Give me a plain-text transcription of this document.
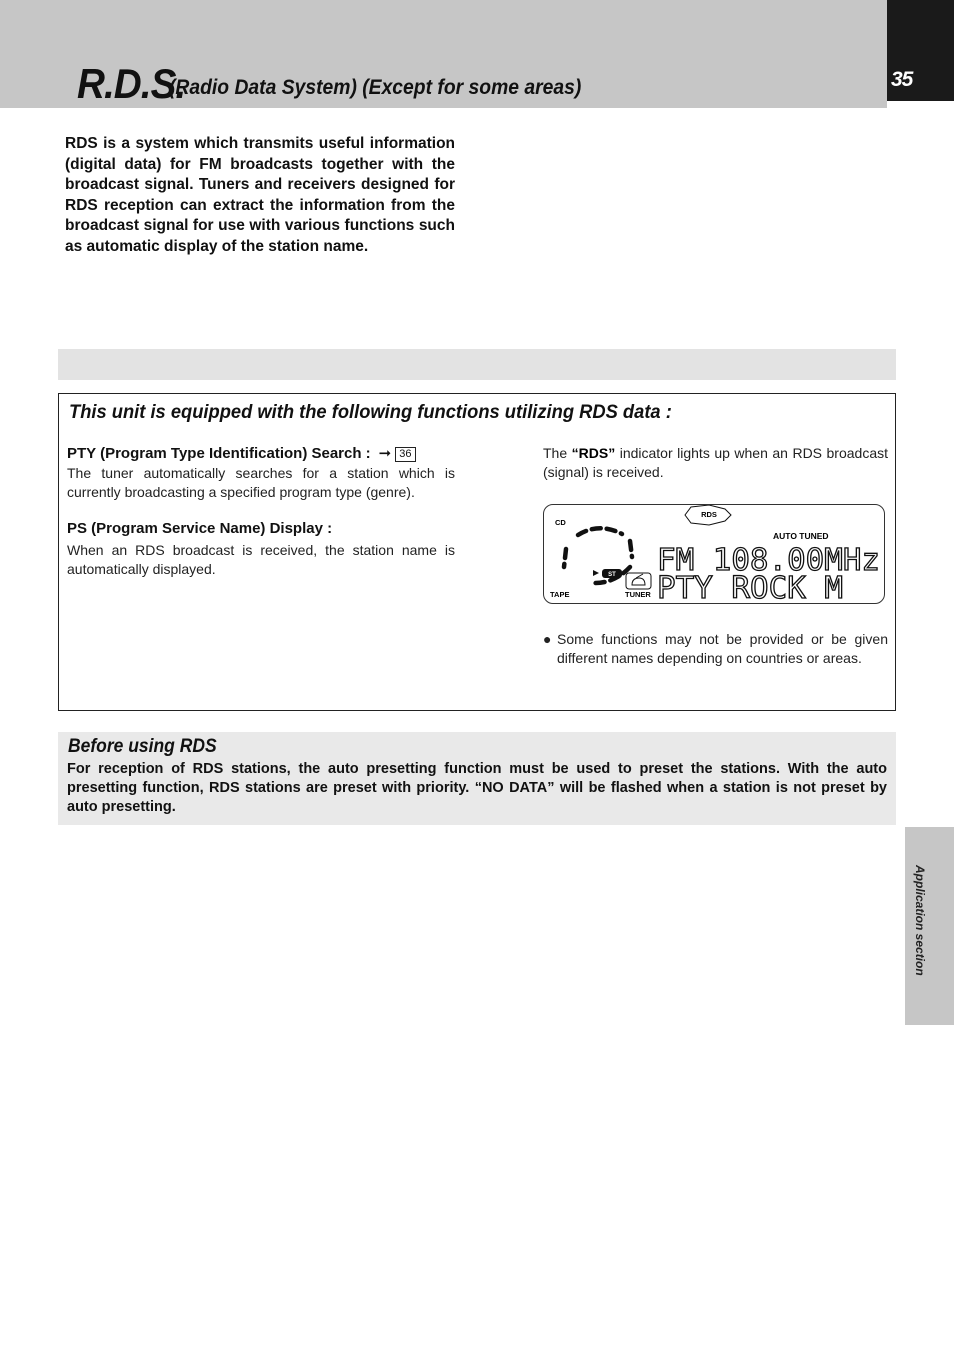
R.D.S.
(Radio Data System) (Except for some areas)	35

RDS is a system which transmits useful information (digital data) for FM broadcasts together with the broadcast signal. Tuners and receivers designed for RDS reception can extract the information from the broadcast signal for use with various functions such as automatic display of the station name.

This unit is equipped with the following functions utilizing RDS data :
PTY (Program Type Identification) Search : ➞ 36

The tuner automatically searches for a station which is currently broadcasting a specified program type (genre).

PS (Program Service Name) Display :

When an RDS broadcast is received, the station name is automatically displayed.

The “RDS” indicator lights up when an RDS broadcast (signal) is received.

CD
TAPE	TUNER
ST
RDS
AUTO TUNED
FM 108.00MHz
PTY ROCK M
● Some functions may not be provided or be given different names depending on countries or areas.
Before using RDS

For reception of RDS stations, the auto presetting function must be used to preset the stations. With the auto presetting function, RDS stations are preset with priority. “NO DATA” will be flashed when a station is not preset by auto presetting.

Application section
